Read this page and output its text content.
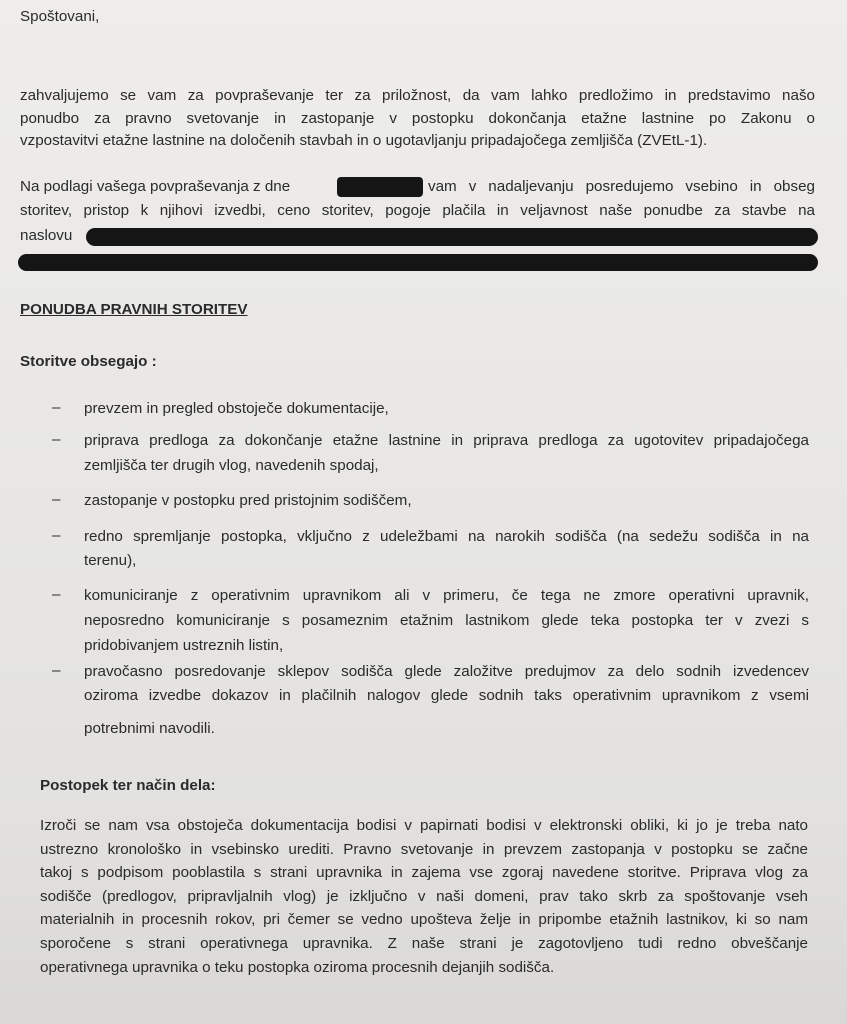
Spoštovani,
zahvaljujemo se vam za povpraševanje ter za priložnost, da vam lahko predložimo in predstavimo našo
ponudbo za pravno svetovanje in zastopanje v postopku dokončanja etažne lastnine po Zakonu o
vzpostavitvi etažne lastnine na določenih stavbah in o ugotavljanju pripadajočega zemljišča (ZVEtL-1).
Na podlagi vašega povpraševanja z dne	vam v nadaljevanju posredujemo vsebino in obseg
storitev, pristop k njihovi izvedbi, ceno storitev, pogoje plačila in veljavnost naše ponudbe za stavbe na
naslovu
PONUDBA PRAVNIH STORITEV
Storitve obsegajo :
– prevzem in pregled obstoječe dokumentacije,
– priprava predloga za dokončanje etažne lastnine in priprava predloga za ugotovitev pripadajočega
zemljišča ter drugih vlog, navedenih spodaj,
– zastopanje v postopku pred pristojnim sodiščem,
– redno spremljanje postopka, vključno z udeležbami na narokih sodišča (na sedežu sodišča in na
terenu),
– komuniciranje z operativnim upravnikom ali v primeru, če tega ne zmore operativni upravnik,
neposredno komuniciranje s posameznim etažnim lastnikom glede teka postopka ter v zvezi s
pridobivanjem ustreznih listin,
– pravočasno posredovanje sklepov sodišča glede založitve predujmov za delo sodnih izvedencev
oziroma izvedbe dokazov in plačilnih nalogov glede sodnih taks operativnim upravnikom z vsemi
potrebnimi navodili.
Postopek ter način dela:
Izroči se nam vsa obstoječa dokumentacija bodisi v papirnati bodisi v elektronski obliki, ki jo je treba nato
ustrezno kronološko in vsebinsko urediti. Pravno svetovanje in prevzem zastopanja v postopku se začne
takoj s podpisom pooblastila s strani upravnika in zajema vse zgoraj navedene storitve. Priprava vlog za
sodišče (predlogov, pripravljalnih vlog) je izključno v naši domeni, prav tako skrb za spoštovanje vseh
materialnih in procesnih rokov, pri čemer se vedno upošteva želje in pripombe etažnih lastnikov, ki so nam
sporočene s strani operativnega upravnika. Z naše strani je zagotovljeno tudi redno obveščanje
operativnega upravnika o teku postopka oziroma procesnih dejanjih sodišča.
